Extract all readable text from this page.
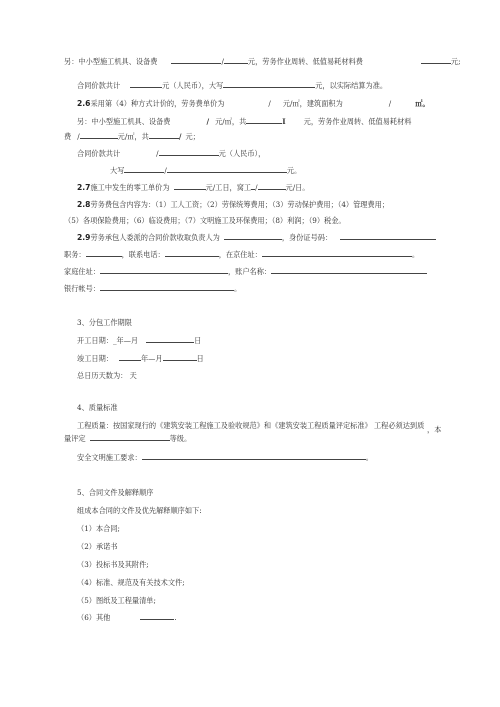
另：中小型施工机具、设备费	/	元，劳务作业周转、低值易耗材料费	元;
合同价款共计	元（人民币），大写	元，以实际结算为准。
2.6采用第（4）种方式计价的，劳务费单价为	/ 元/㎡，建筑面积为	/	㎡。
另：中小型施工机具、设备费	/ 元/㎡，共	I	元，劳务作业周转、低值易耗材料
费 /	元/㎡，共	/ 元；
合同价款共计	/	元（人民币），
大写	/	元。
2.7施工中发生的零工单价为	元/工日，窝工 /	元/日。
2.8劳务费包含内容为：（1）工人工资；（2）劳保统筹费用；（3）劳动保护费用；（4）管理费用；
（5）各项保险费用；（6）临设费用；（7）文明施工及环保费用；（8）利润；（9）税金。
2.9劳务承包人委派的合同价款收取负责人为	，身份证号码：
职务：	，联系电话：	，在京住址：	。
家庭住址：	，账户名称：
银行帐号：	。
3、分包工作期限
开工日期：_年—月	日
竣工日期：	年—月	日
总日历天数为： 天
4、质量标准
工程质量：按国家现行的《建筑安装工程施工及验收规范》和《建筑安装工程质量评定标准》 工程必须达到质 ，本
量评定	等级。
安全文明施工要求：	。
5、合同文件及解释顺序
组成本合同的文件及优先解释顺序如下:
（1）本合同;
（2）承诺书
（3）投标书及其附件;
（4）标准、规范及有关技术文件;
（5）图纸及工程量清单;
（6）其他	.
